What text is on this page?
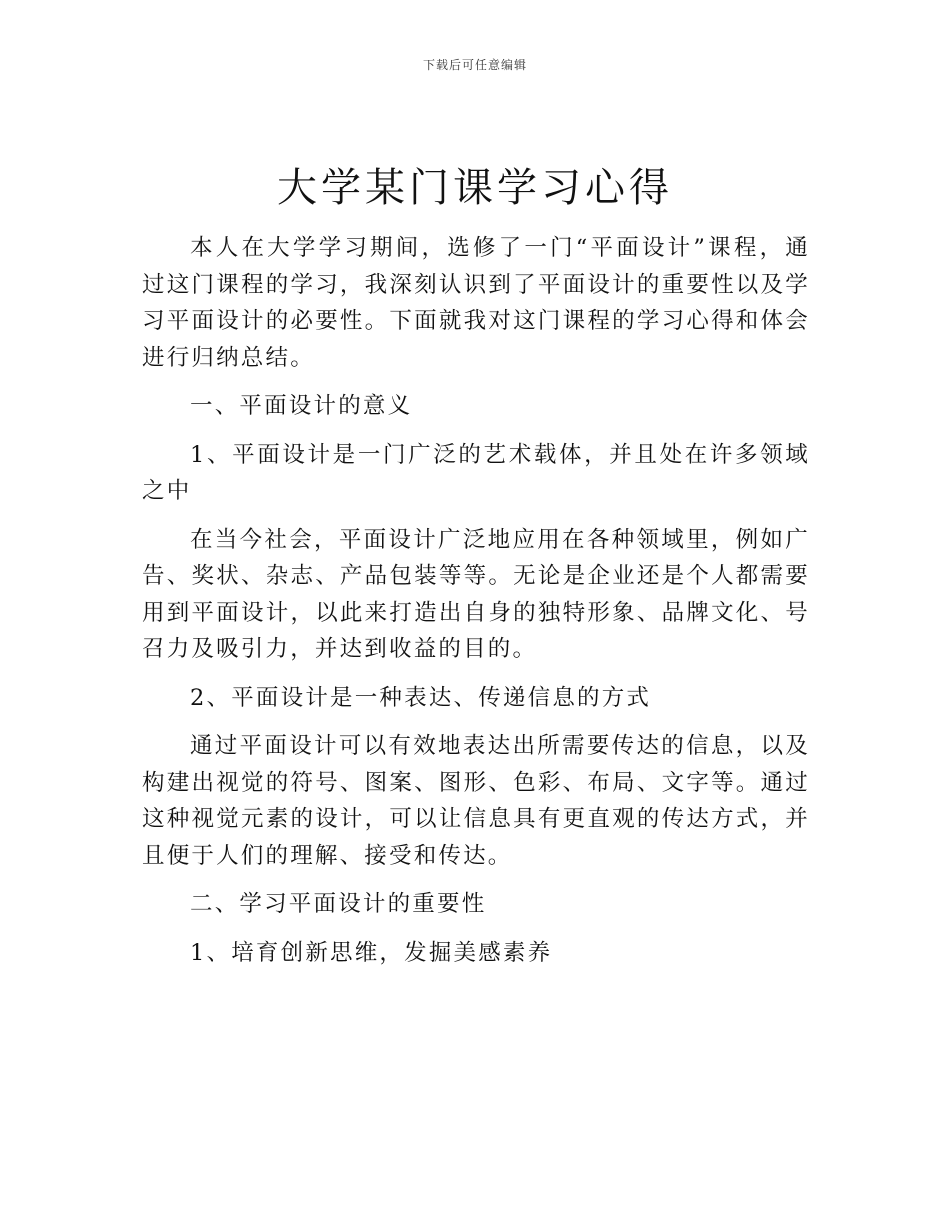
下载后可任意编辑
大学某门课学习心得

本人在大学学习期间，选修了一门“平面设计”课程，通过这门课程的学习，我深刻认识到了平面设计的重要性以及学习平面设计的必要性。下面就我对这门课程的学习心得和体会进行归纳总结。

一、平面设计的意义

1、平面设计是一门广泛的艺术载体，并且处在许多领域之中

在当今社会，平面设计广泛地应用在各种领域里，例如广告、奖状、杂志、产品包装等等。无论是企业还是个人都需要用到平面设计，以此来打造出自身的独特形象、品牌文化、号召力及吸引力，并达到收益的目的。

2、平面设计是一种表达、传递信息的方式

通过平面设计可以有效地表达出所需要传达的信息，以及构建出视觉的符号、图案、图形、色彩、布局、文字等。通过这种视觉元素的设计，可以让信息具有更直观的传达方式，并且便于人们的理解、接受和传达。

二、学习平面设计的重要性

1、培育创新思维，发掘美感素养
